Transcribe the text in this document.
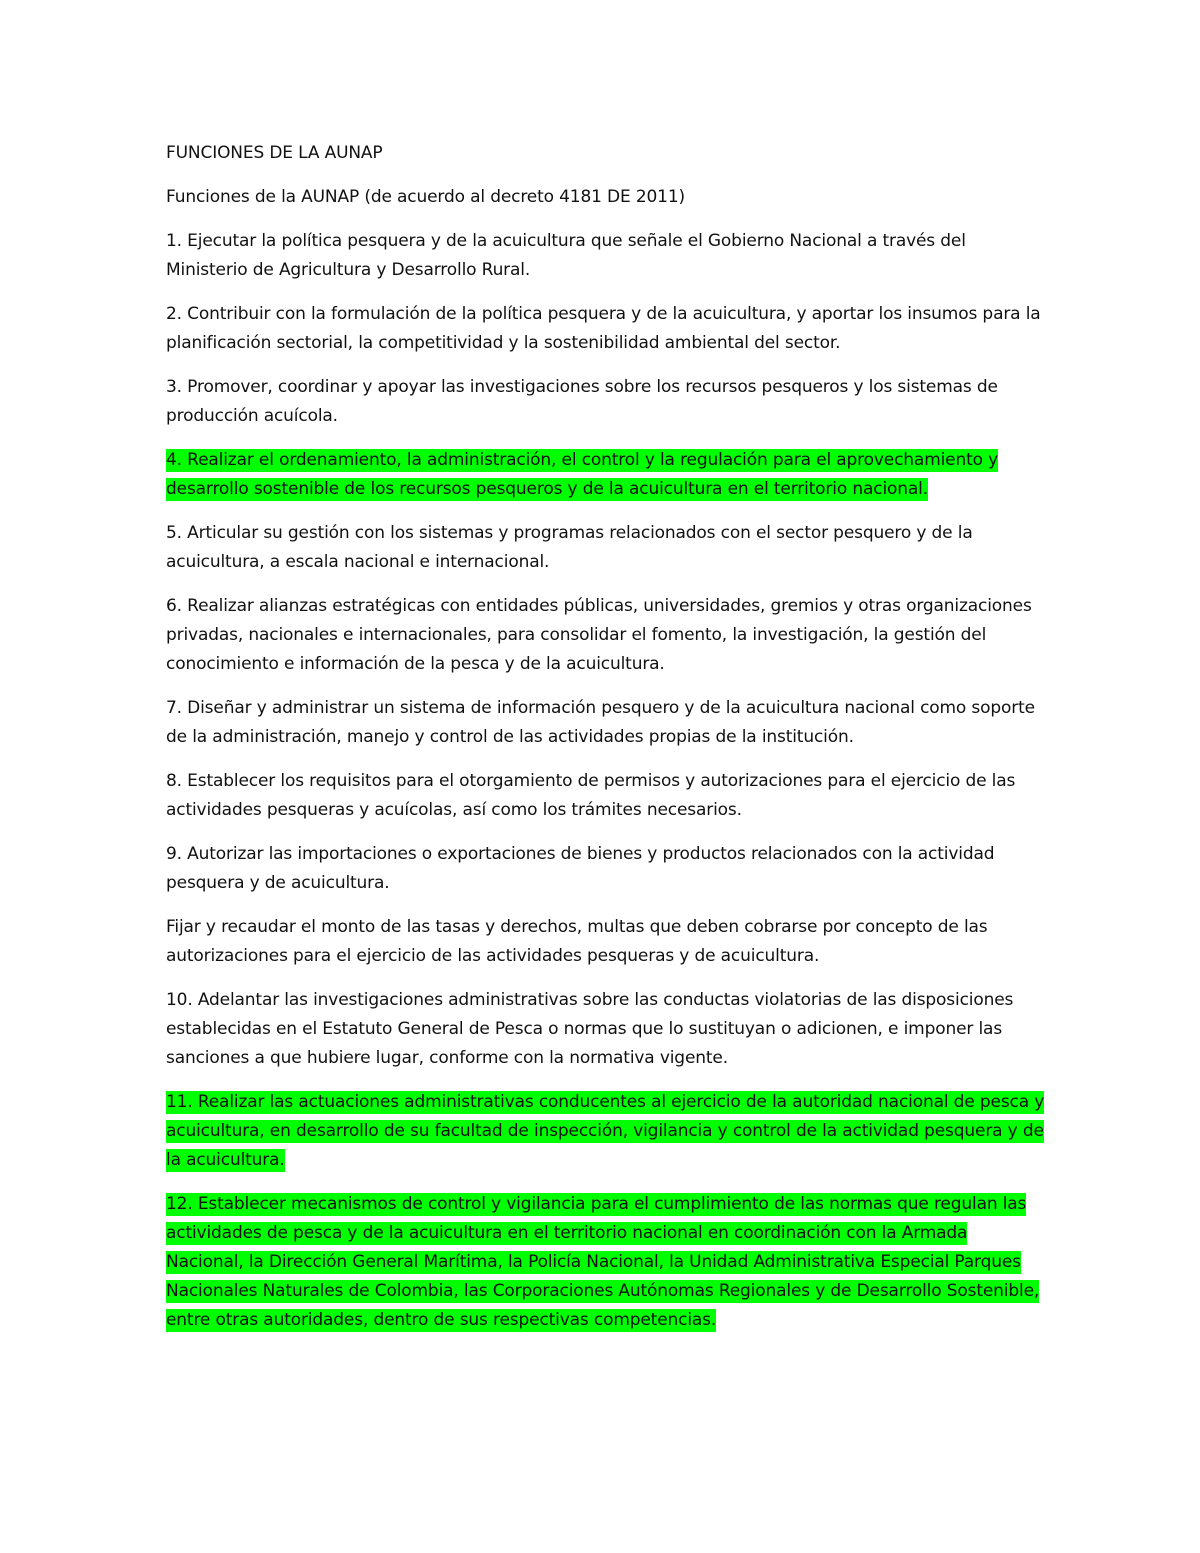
FUNCIONES DE LA AUNAP

Funciones de la AUNAP (de acuerdo al decreto 4181 DE 2011)

1. Ejecutar la política pesquera y de la acuicultura que señale el Gobierno Nacional a través del Ministerio de Agricultura y Desarrollo Rural.

2. Contribuir con la formulación de la política pesquera y de la acuicultura, y aportar los insumos para la planificación sectorial, la competitividad y la sostenibilidad ambiental del sector.

3. Promover, coordinar y apoyar las investigaciones sobre los recursos pesqueros y los sistemas de producción acuícola.

4. Realizar el ordenamiento, la administración, el control y la regulación para el aprovechamiento y desarrollo sostenible de los recursos pesqueros y de la acuicultura en el territorio nacional.

5. Articular su gestión con los sistemas y programas relacionados con el sector pesquero y de la acuicultura, a escala nacional e internacional.

6. Realizar alianzas estratégicas con entidades públicas, universidades, gremios y otras organizaciones privadas, nacionales e internacionales, para consolidar el fomento, la investigación, la gestión del conocimiento e información de la pesca y de la acuicultura.

7. Diseñar y administrar un sistema de información pesquero y de la acuicultura nacional como soporte de la administración, manejo y control de las actividades propias de la institución.

8. Establecer los requisitos para el otorgamiento de permisos y autorizaciones para el ejercicio de las actividades pesqueras y acuícolas, así como los trámites necesarios.

9. Autorizar las importaciones o exportaciones de bienes y productos relacionados con la actividad pesquera y de acuicultura.

Fijar y recaudar el monto de las tasas y derechos, multas que deben cobrarse por concepto de las autorizaciones para el ejercicio de las actividades pesqueras y de acuicultura.

10. Adelantar las investigaciones administrativas sobre las conductas violatorias de las disposiciones establecidas en el Estatuto General de Pesca o normas que lo sustituyan o adicionen, e imponer las sanciones a que hubiere lugar, conforme con la normativa vigente.

11. Realizar las actuaciones administrativas conducentes al ejercicio de la autoridad nacional de pesca y acuicultura, en desarrollo de su facultad de inspección, vigilancia y control de la actividad pesquera y de la acuicultura.

12. Establecer mecanismos de control y vigilancia para el cumplimiento de las normas que regulan las actividades de pesca y de la acuicultura en el territorio nacional en coordinación con la Armada Nacional, la Dirección General Marítima, la Policía Nacional, la Unidad Administrativa Especial Parques Nacionales Naturales de Colombia, las Corporaciones Autónomas Regionales y de Desarrollo Sostenible, entre otras autoridades, dentro de sus respectivas competencias.
